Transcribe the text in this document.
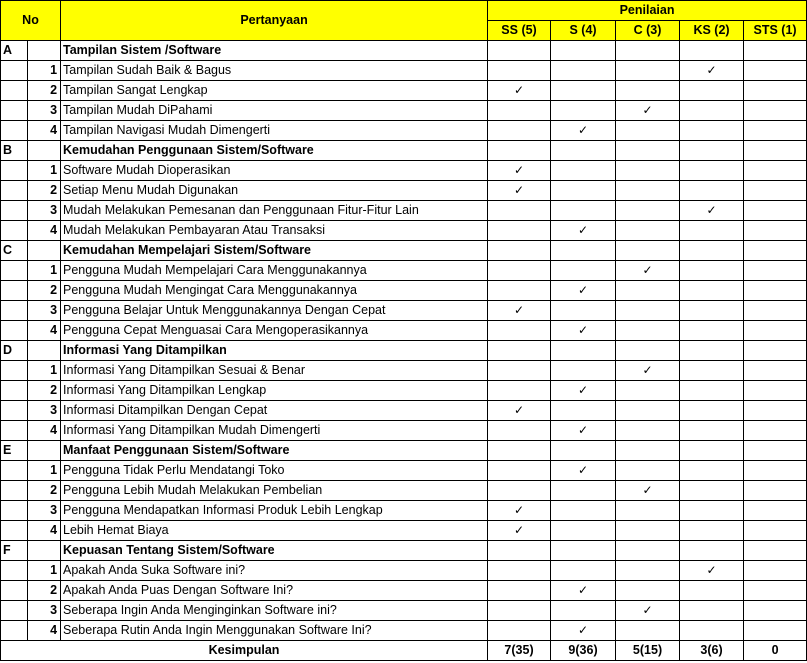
No		Pertanyaan	Penilaian				
			SS (5)	S (4)	C (3)	KS (2)	STS (1)
A		Tampilan Sistem /Software					
	1	Tampilan Sudah Baik & Bagus				✓	
	2	Tampilan Sangat Lengkap	✓				
	3	Tampilan Mudah DiPahami			✓		
	4	Tampilan Navigasi Mudah Dimengerti		✓			
B		Kemudahan Penggunaan Sistem/Software					
	1	Software Mudah Dioperasikan	✓				
	2	Setiap Menu Mudah Digunakan	✓				
	3	Mudah Melakukan Pemesanan dan Penggunaan Fitur-Fitur Lain				✓	
	4	Mudah Melakukan Pembayaran Atau Transaksi		✓			
C		Kemudahan Mempelajari Sistem/Software					
	1	Pengguna Mudah Mempelajari Cara Menggunakannya			✓		
	2	Pengguna Mudah Mengingat Cara Menggunakannya		✓			
	3	Pengguna Belajar Untuk Menggunakannya Dengan Cepat	✓				
	4	Pengguna Cepat Menguasai Cara Mengoperasikannya		✓			
D		Informasi Yang Ditampilkan					
	1	Informasi Yang Ditampilkan Sesuai & Benar			✓		
	2	Informasi Yang Ditampilkan Lengkap		✓			
	3	Informasi Ditampilkan Dengan Cepat	✓				
	4	Informasi Yang Ditampilkan Mudah Dimengerti		✓			
E		Manfaat Penggunaan Sistem/Software					
	1	Pengguna Tidak Perlu Mendatangi Toko		✓			
	2	Pengguna Lebih Mudah Melakukan Pembelian			✓		
	3	Pengguna Mendapatkan Informasi Produk Lebih Lengkap	✓				
	4	Lebih Hemat Biaya	✓				
F		Kepuasan Tentang Sistem/Software					
	1	Apakah Anda Suka Software ini?				✓	
	2	Apakah Anda Puas Dengan Software Ini?		✓			
	3	Seberapa Ingin Anda Menginginkan Software ini?			✓		
	4	Seberapa Rutin Anda Ingin Menggunakan Software Ini?		✓			
Kesimpulan			7(35)	9(36)	5(15)	3(6)	0
